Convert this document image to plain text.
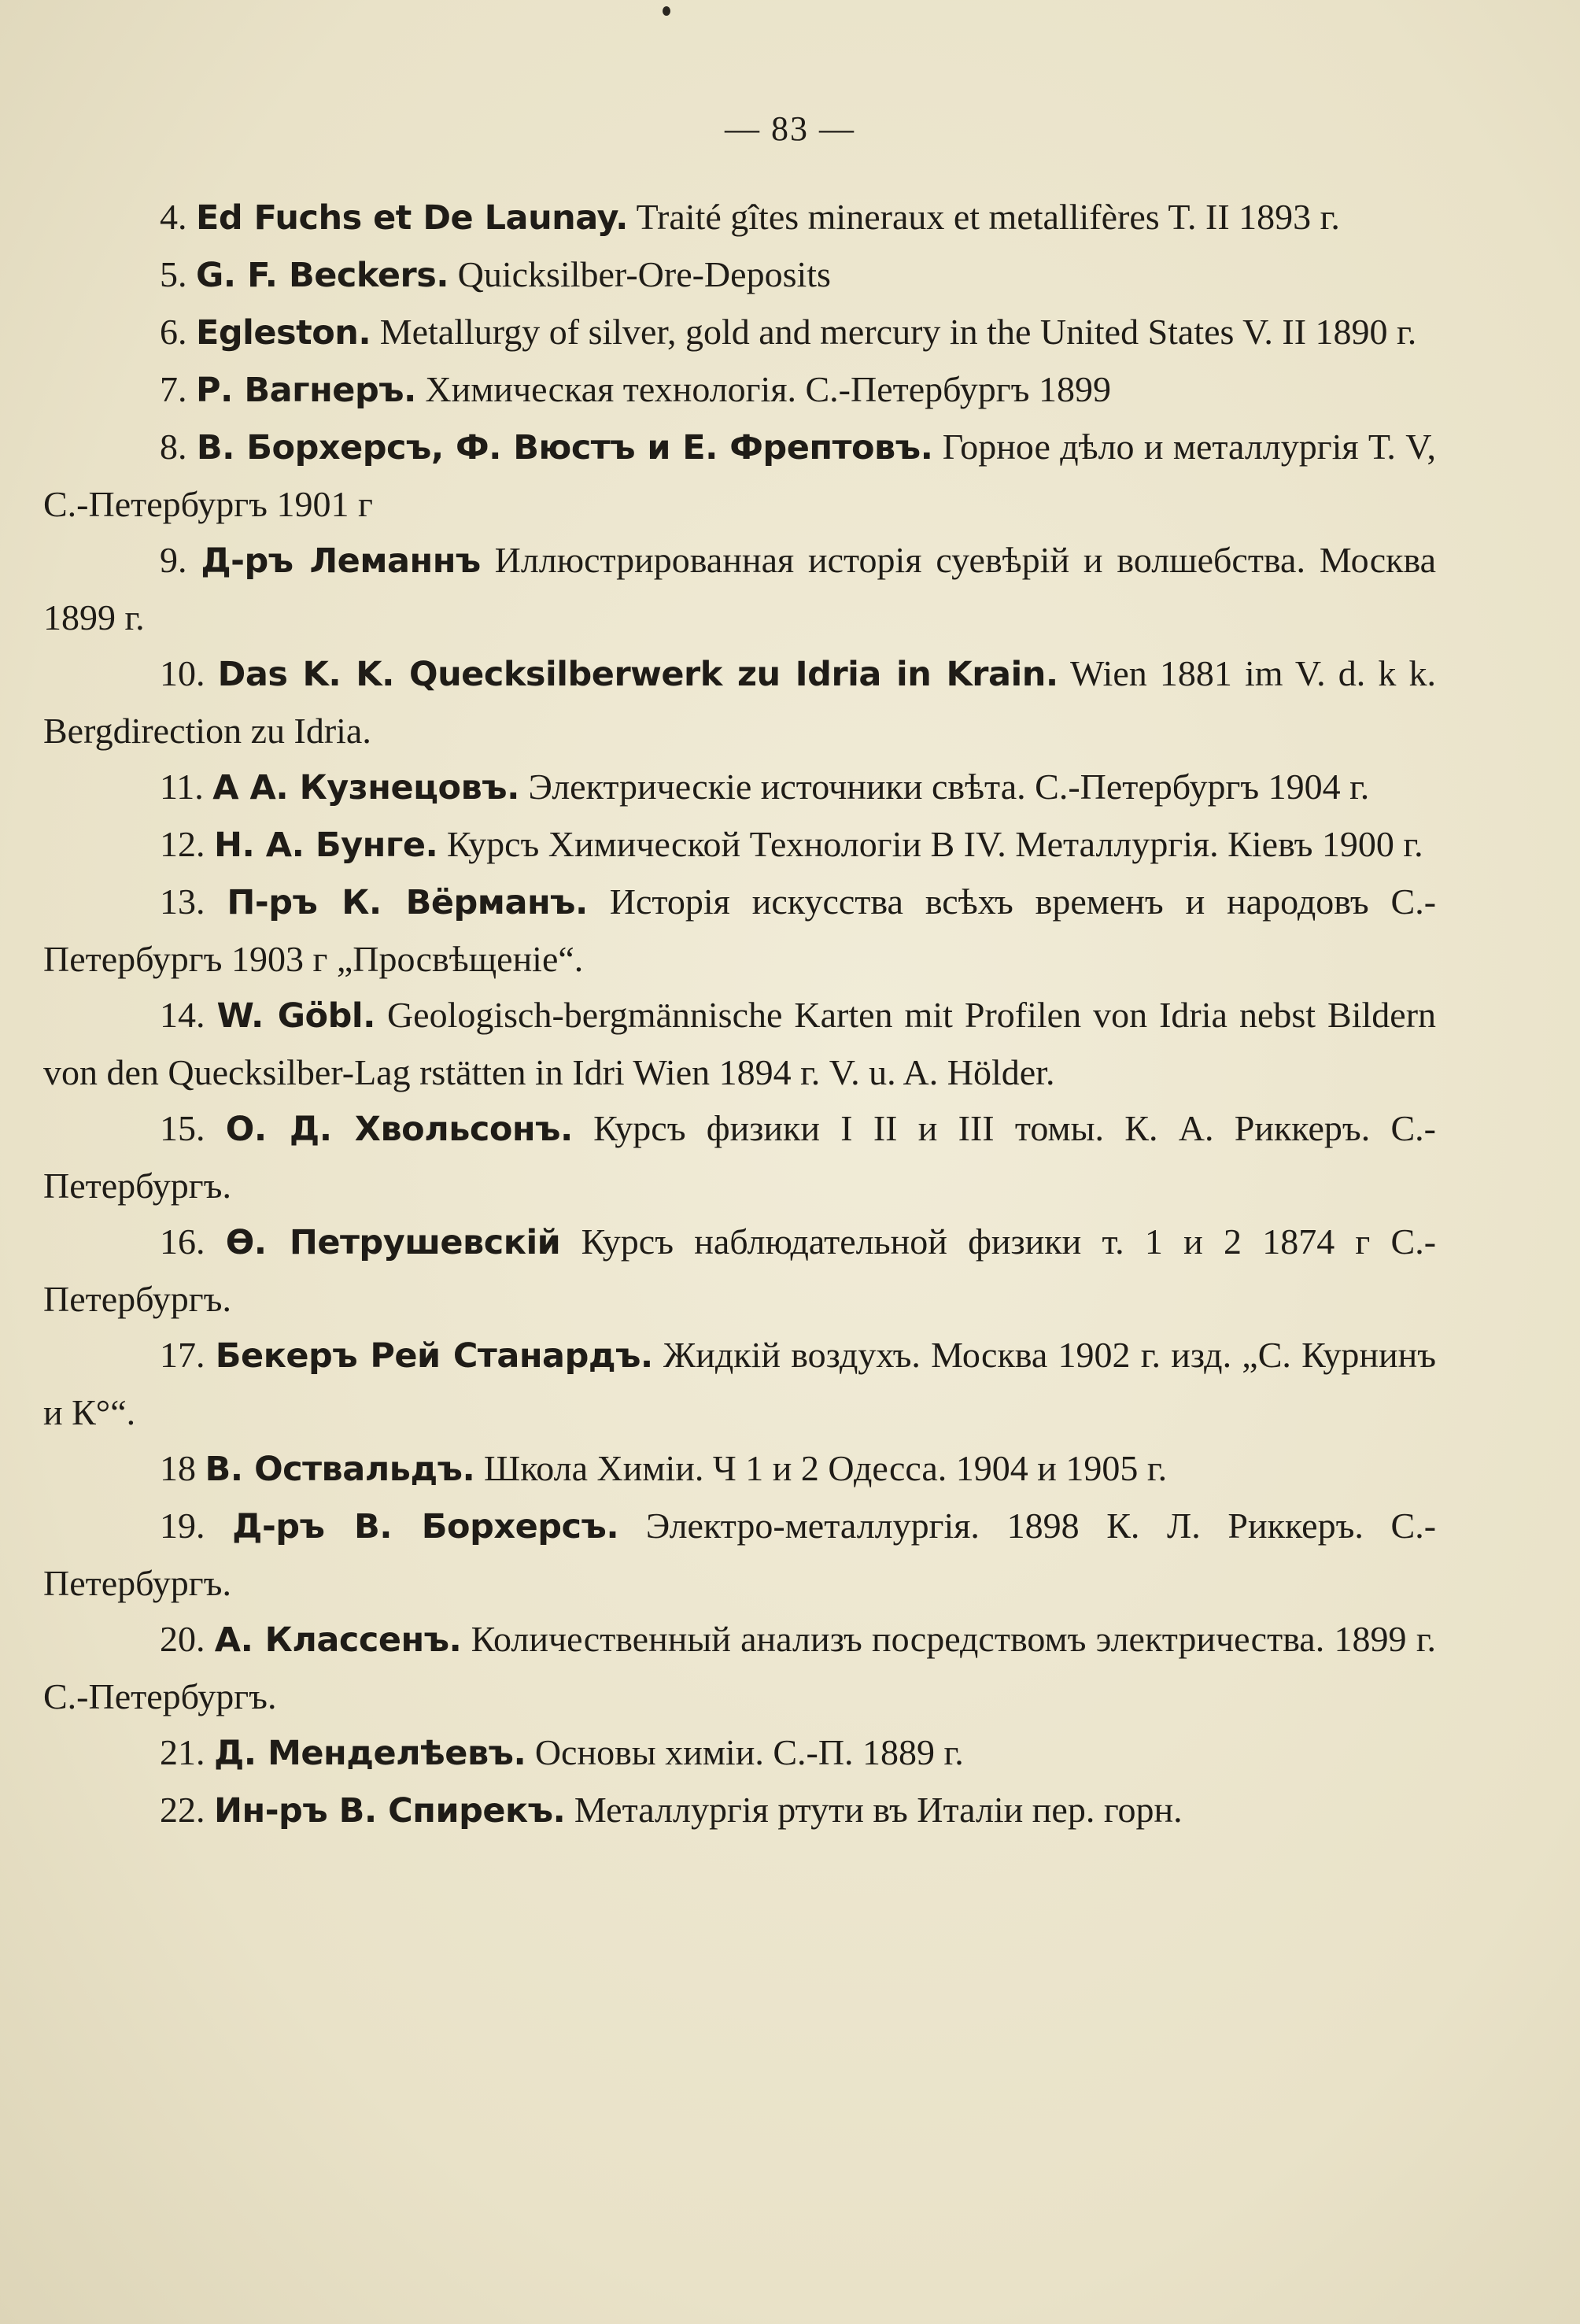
— 83 —

4. Ed Fuchs et De Launay. Traité gîtes mineraux et metallifères T. II 1893 г.

5. G. F. Beckers. Quicksilber-Ore-Deposits

6. Egleston. Metallurgy of silver, gold and mercury in the United States V. II 1890 г.

7. Р. Вагнеръ. Химическая технологія. С.-Петербургъ 1899

8. В. Борхерсъ, Ф. Вюстъ и Е. Фрептовъ. Горное дѣло и металлургія Т. V, С.-Петербургъ 1901 г

9. Д-ръ Леманнъ Иллюстрированная исторія суевѣрій и волшебства. Москва 1899 г.

10. Das K. K. Quecksilberwerk zu Idria in Krain. Wien 1881 im V. d. k k. Bergdirection zu Idria.

11. А А. Кузнецовъ. Электрическіе источники свѣта. С.-Петербургъ 1904 г.

12. Н. А. Бунге. Курсъ Химической Технологіи В IV. Металлургія. Кіевъ 1900 г.

13. П-ръ К. Вёрманъ. Исторія искусства всѣхъ временъ и народовъ С.-Петербургъ 1903 г „Просвѣщеніе“.

14. W. Göbl. Geologisch-bergmännische Karten mit Profilen von Idria nebst Bildern von den Quecksilber-Lag rstätten in Idri Wien 1894 г. V. u. A. Hölder.

15. О. Д. Хвольсонъ. Курсъ физики I II и III томы. К. А. Риккеръ. С.-Петербургъ.

16. Ө. Петрушевскій Курсъ наблюдательной физики т. 1 и 2 1874 г С.-Петербургъ.

17. Бекеръ Рей Станардъ. Жидкій воздухъ. Москва 1902 г. изд. „С. Курнинъ и К°“.

18 В. Оствальдъ. Школа Химіи. Ч 1 и 2 Одесса. 1904 и 1905 г.

19. Д-ръ В. Борхерсъ. Электро-металлургія. 1898 К. Л. Риккеръ. С.-Петербургъ.

20. А. Классенъ. Количественный анализъ посредствомъ электричества. 1899 г. С.-Петербургъ.

21. Д. Менделѣевъ. Основы химіи. С.-П. 1889 г.

22. Ин-ръ В. Спирекъ. Металлургія ртути въ Италіи пер. горн.
